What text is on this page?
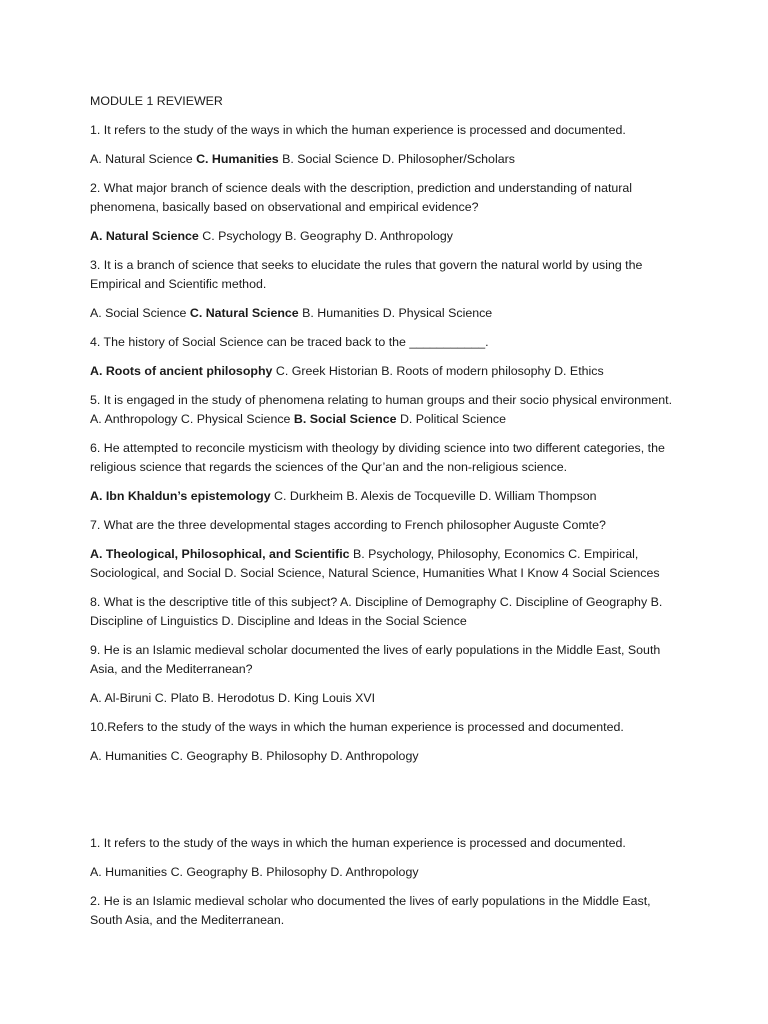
MODULE 1 REVIEWER
1. It refers to the study of the ways in which the human experience is processed and documented.
A. Natural Science C. Humanities B. Social Science D. Philosopher/Scholars
2. What major branch of science deals with the description, prediction and understanding of natural phenomena, basically based on observational and empirical evidence?
A. Natural Science C. Psychology B. Geography D. Anthropology
3. It is a branch of science that seeks to elucidate the rules that govern the natural world by using the Empirical and Scientific method.
A. Social Science C. Natural Science B. Humanities D. Physical Science
4. The history of Social Science can be traced back to the ___________.
A. Roots of ancient philosophy C. Greek Historian B. Roots of modern philosophy D. Ethics
5. It is engaged in the study of phenomena relating to human groups and their socio physical environment. A. Anthropology C. Physical Science B. Social Science D. Political Science
6. He attempted to reconcile mysticism with theology by dividing science into two different categories, the religious science that regards the sciences of the Qur’an and the non-religious science.
A. Ibn Khaldun’s epistemology C. Durkheim B. Alexis de Tocqueville D. William Thompson
7. What are the three developmental stages according to French philosopher Auguste Comte?
A. Theological, Philosophical, and Scientific B. Psychology, Philosophy, Economics C. Empirical, Sociological, and Social D. Social Science, Natural Science, Humanities What I Know 4 Social Sciences
8. What is the descriptive title of this subject? A. Discipline of Demography C. Discipline of Geography B. Discipline of Linguistics D. Discipline and Ideas in the Social Science
9. He is an Islamic medieval scholar documented the lives of early populations in the Middle East, South Asia, and the Mediterranean?
A. Al-Biruni C. Plato B. Herodotus D. King Louis XVI
10.Refers to the study of the ways in which the human experience is processed and documented.
A. Humanities C. Geography B. Philosophy D. Anthropology
1. It refers to the study of the ways in which the human experience is processed and documented.
A. Humanities C. Geography B. Philosophy D. Anthropology
2. He is an Islamic medieval scholar who documented the lives of early populations in the Middle East, South Asia, and the Mediterranean.
